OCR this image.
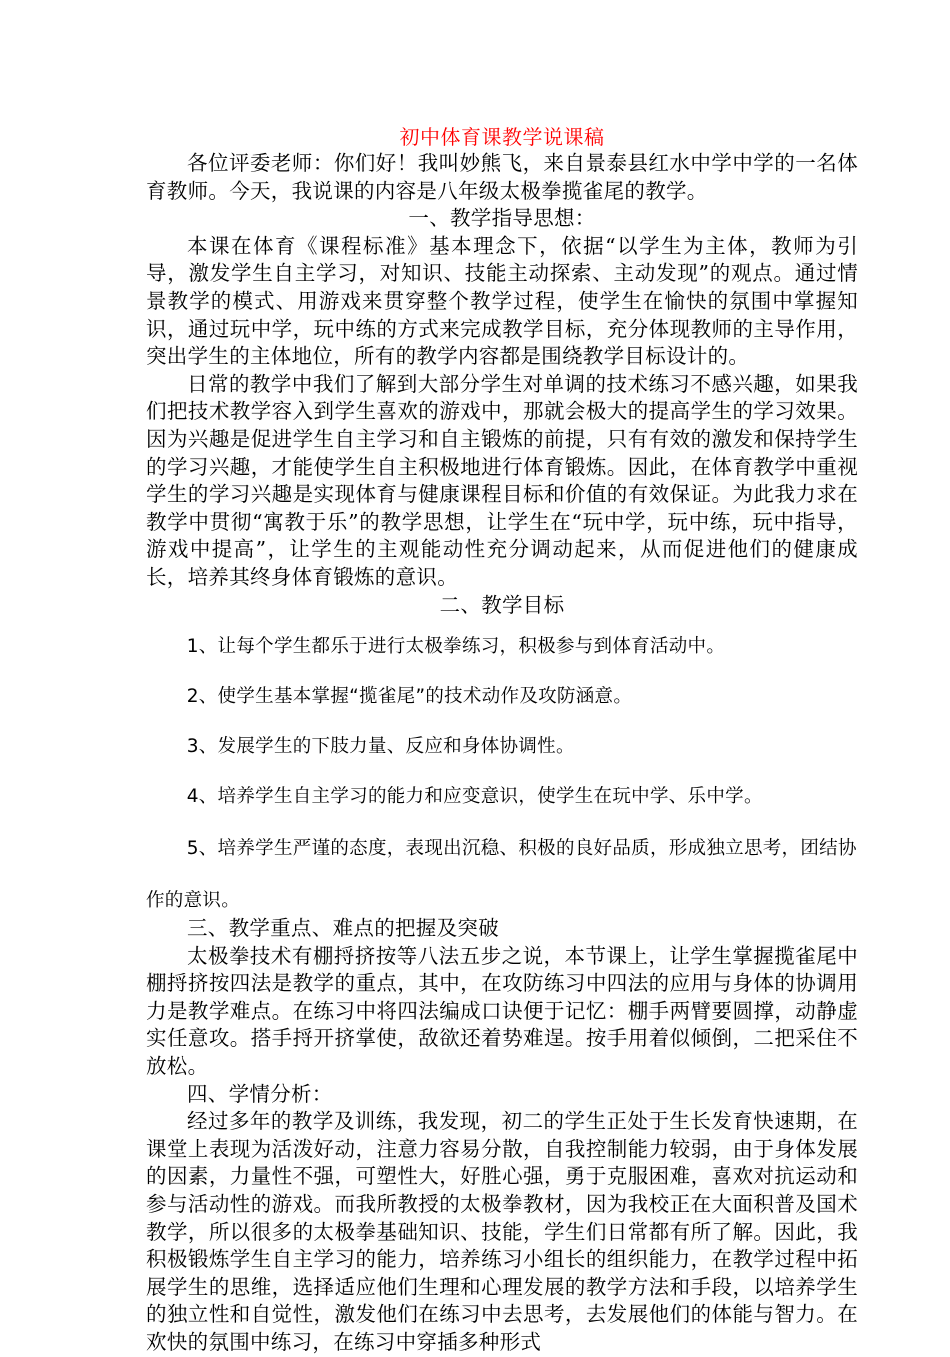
初中体育课教学说课稿

各位评委老师：你们好！我叫妙熊飞，来自景泰县红水中学中学的一名体育教师。今天，我说课的内容是八年级太极拳揽雀尾的教学。

一、教学指导思想：

本课在体育《课程标准》基本理念下，依据“以学生为主体，教师为引导，激发学生自主学习，对知识、技能主动探索、主动发现”的观点。通过情景教学的模式、用游戏来贯穿整个教学过程，使学生在愉快的氛围中掌握知识，通过玩中学，玩中练的方式来完成教学目标，充分体现教师的主导作用，突出学生的主体地位，所有的教学内容都是围绕教学目标设计的。

日常的教学中我们了解到大部分学生对单调的技术练习不感兴趣，如果我们把技术教学容入到学生喜欢的游戏中，那就会极大的提高学生的学习效果。因为兴趣是促进学生自主学习和自主锻炼的前提，只有有效的激发和保持学生的学习兴趣，才能使学生自主积极地进行体育锻炼。因此，在体育教学中重视学生的学习兴趣是实现体育与健康课程目标和价值的有效保证。为此我力求在教学中贯彻“寓教于乐”的教学思想，让学生在“玩中学，玩中练，玩中指导，游戏中提高”，让学生的主观能动性充分调动起来，从而促进他们的健康成长，培养其终身体育锻炼的意识。

二、教学目标

1、让每个学生都乐于进行太极拳练习，积极参与到体育活动中。

2、使学生基本掌握“揽雀尾”的技术动作及攻防涵意。

3、发展学生的下肢力量、反应和身体协调性。

4、培养学生自主学习的能力和应变意识，使学生在玩中学、乐中学。

5、培养学生严谨的态度，表现出沉稳、积极的良好品质，形成独立思考，团结协作的意识。

三、教学重点、难点的把握及突破

太极拳技术有棚捋挤按等八法五步之说，本节课上，让学生掌握揽雀尾中棚捋挤按四法是教学的重点，其中，在攻防练习中四法的应用与身体的协调用力是教学难点。在练习中将四法编成口诀便于记忆：棚手两臂要圆撑，动静虚实任意攻。搭手捋开挤掌使，敌欲还着势难逞。按手用着似倾倒，二把采住不放松。

四、学情分析：

经过多年的教学及训练，我发现，初二的学生正处于生长发育快速期，在课堂上表现为活泼好动，注意力容易分散，自我控制能力较弱，由于身体发展的因素，力量性不强，可塑性大，好胜心强，勇于克服困难，喜欢对抗运动和参与活动性的游戏。而我所教授的太极拳教材，因为我校正在大面积普及国术教学，所以很多的太极拳基础知识、技能，学生们日常都有所了解。因此，我积极锻炼学生自主学习的能力，培养练习小组长的组织能力，在教学过程中拓展学生的思维，选择适应他们生理和心理发展的教学方法和手段，以培养学生的独立性和自觉性，激发他们在练习中去思考，去发展他们的体能与智力。在欢快的氛围中练习，在练习中穿插多种形式
